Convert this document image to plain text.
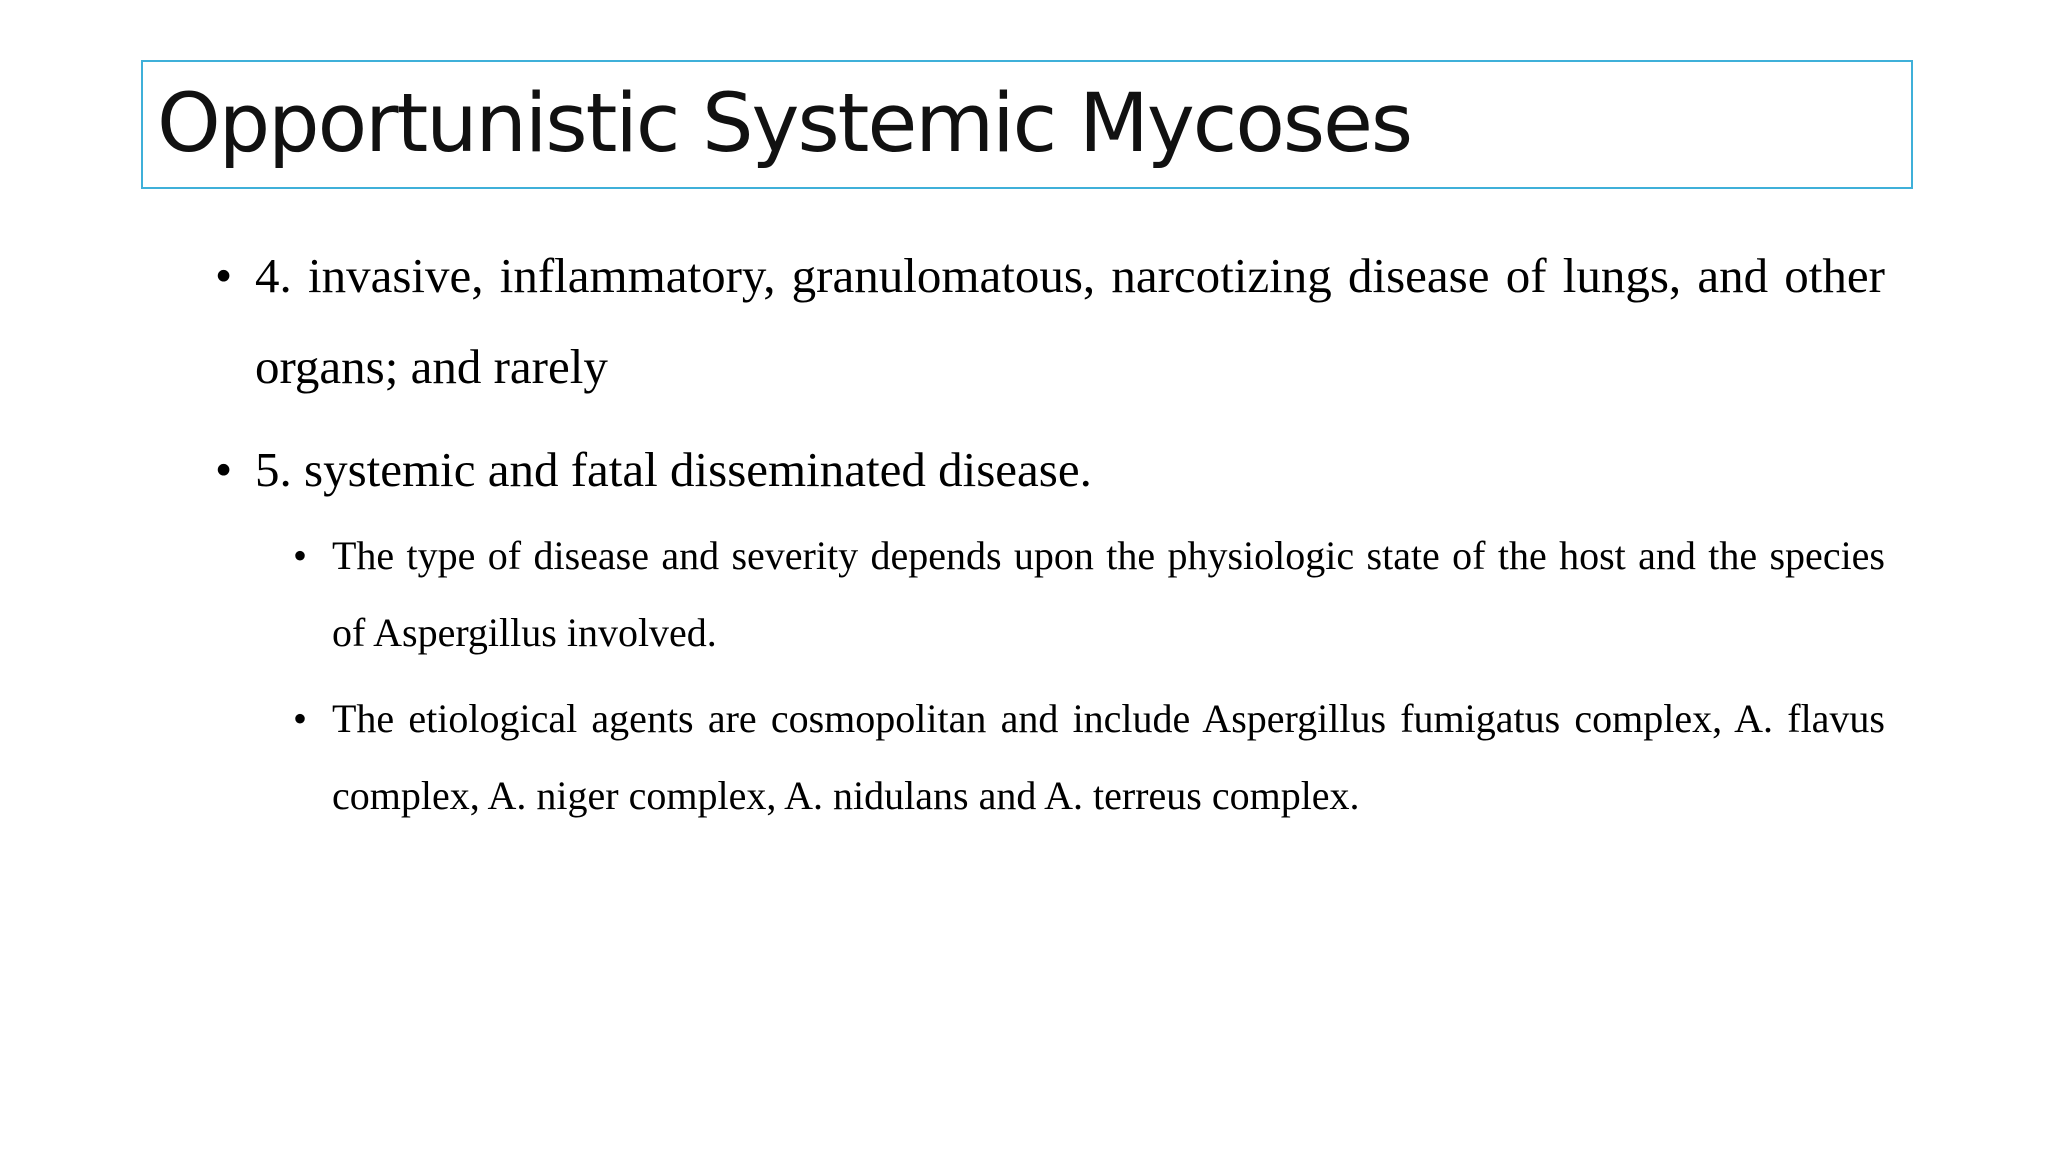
Opportunistic Systemic Mycoses
• 4. invasive, inflammatory, granulomatous, narcotizing disease of lungs, and other organs; and rarely
• 5. systemic and fatal disseminated disease.
• The type of disease and severity depends upon the physiologic state of the host and the species of Aspergillus involved.
• The etiological agents are cosmopolitan and include Aspergillus fumigatus complex, A. flavus complex, A. niger complex, A. nidulans and A. terreus complex.
